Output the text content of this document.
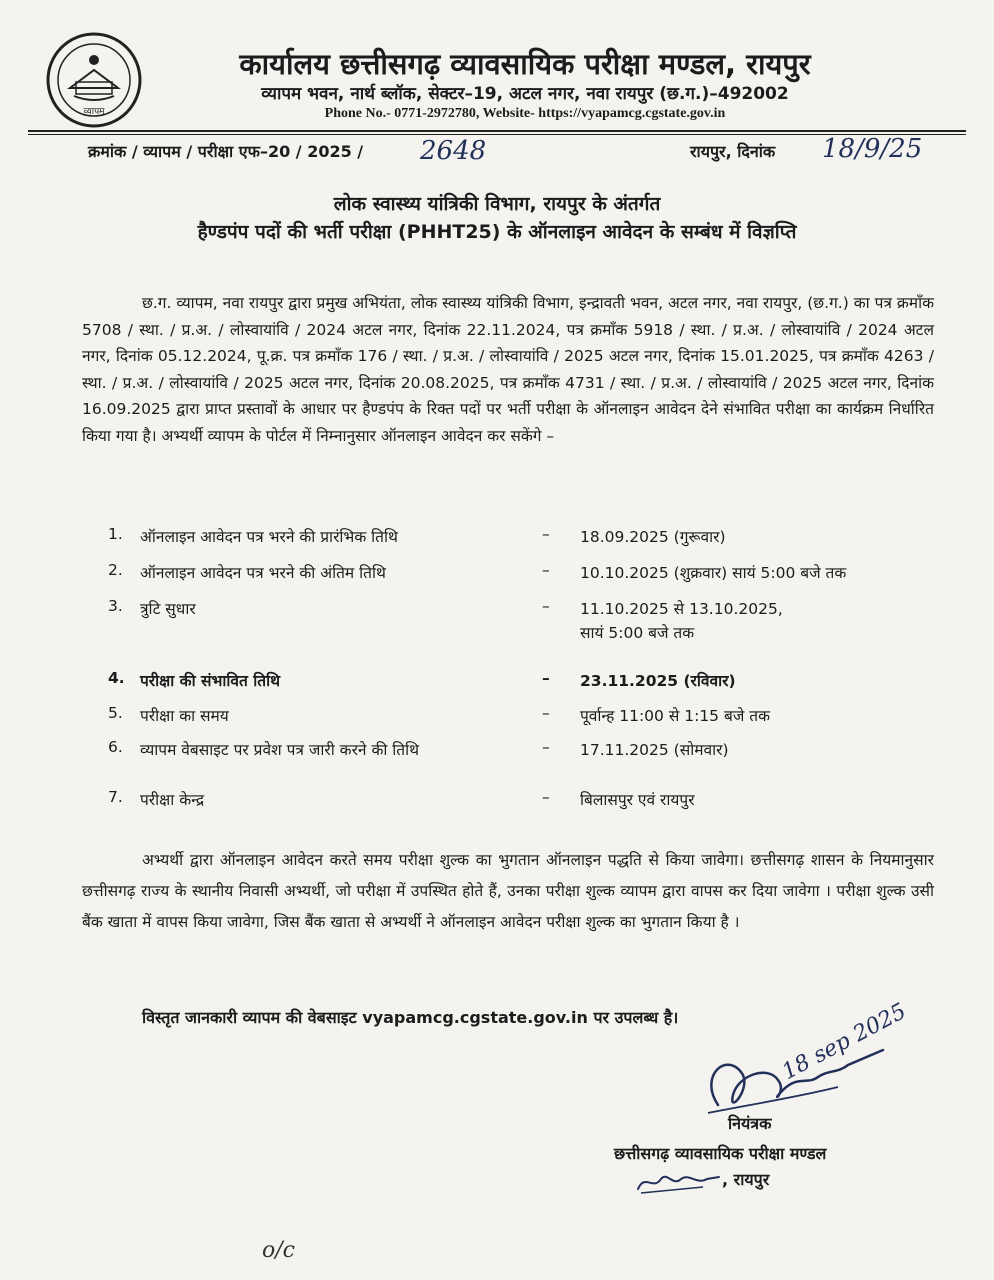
व्यापम
कार्यालय छत्तीसगढ़ व्यावसायिक परीक्षा मण्डल, रायपुर
व्यापम भवन, नार्थ ब्लॉक, सेक्टर–19, अटल नगर, नवा रायपुर (छ.ग.)–492002
Phone No.- 0771-2972780, Website- https://vyapamcg.cgstate.gov.in
क्रमांक / व्यापम / परीक्षा एफ–20 / 2025 / 2648	रायपुर, दिनांक 18/9/25
लोक स्वास्थ्य यांत्रिकी विभाग, रायपुर के अंतर्गत
हैण्डपंप पदों की भर्ती परीक्षा (PHHT25) के ऑनलाइन आवेदन के सम्बंध में विज्ञप्ति
छ.ग. व्यापम, नवा रायपुर द्वारा प्रमुख अभियंता, लोक स्वास्थ्य यांत्रिकी विभाग, इन्द्रावती भवन, अटल नगर, नवा रायपुर, (छ.ग.) का पत्र क्रमाँक 5708 / स्था. / प्र.अ. / लोस्वायांवि / 2024 अटल नगर, दिनांक 22.11.2024, पत्र क्रमाँक 5918 / स्था. / प्र.अ. / लोस्वायांवि / 2024 अटल नगर, दिनांक 05.12.2024, पू.क्र. पत्र क्रमाँक 176 / स्था. / प्र.अ. / लोस्वायांवि / 2025 अटल नगर, दिनांक 15.01.2025, पत्र क्रमाँक 4263 / स्था. / प्र.अ. / लोस्वायांवि / 2025 अटल नगर, दिनांक 20.08.2025, पत्र क्रमाँक 4731 / स्था. / प्र.अ. / लोस्वायांवि / 2025 अटल नगर, दिनांक 16.09.2025 द्वारा प्राप्त प्रस्तावों के आधार पर हैण्डपंप के रिक्त पदों पर भर्ती परीक्षा के ऑनलाइन आवेदन देने संभावित परीक्षा का कार्यक्रम निर्धारित किया गया है। अभ्यर्थी व्यापम के पोर्टल में निम्नानुसार ऑनलाइन आवेदन कर सकेंगे –
1. ऑनलाइन आवेदन पत्र भरने की प्रारंभिक तिथि	– 18.09.2025 (गुरूवार)
2. ऑनलाइन आवेदन पत्र भरने की अंतिम तिथि	– 10.10.2025 (शुक्रवार) सायं 5:00 बजे तक
3. त्रुटि सुधार	– 11.10.2025 से 13.10.2025,
सायं 5:00 बजे तक
4. परीक्षा की संभावित तिथि	– 23.11.2025 (रविवार)
5. परीक्षा का समय	– पूर्वान्ह 11:00 से 1:15 बजे तक
6. व्यापम वेबसाइट पर प्रवेश पत्र जारी करने की तिथि	– 17.11.2025 (सोमवार)
7. परीक्षा केन्द्र	– बिलासपुर एवं रायपुर
अभ्यर्थी द्वारा ऑनलाइन आवेदन करते समय परीक्षा शुल्क का भुगतान ऑनलाइन पद्धति से किया जावेगा। छत्तीसगढ़ शासन के नियमानुसार छत्तीसगढ़ राज्य के स्थानीय निवासी अभ्यर्थी, जो परीक्षा में उपस्थित होते हैं, उनका परीक्षा शुल्क व्यापम द्वारा वापस कर दिया जावेगा । परीक्षा शुल्क उसी बैंक खाता में वापस किया जावेगा, जिस बैंक खाता से अभ्यर्थी ने ऑनलाइन आवेदन परीक्षा शुल्क का भुगतान किया है ।
विस्तृत जानकारी व्यापम की वेबसाइट vyapamcg.cgstate.gov.in पर उपलब्ध है।	18 sep 2025
नियंत्रक
छत्तीसगढ़ व्यावसायिक परीक्षा मण्डल
, रायपुर
o/c
